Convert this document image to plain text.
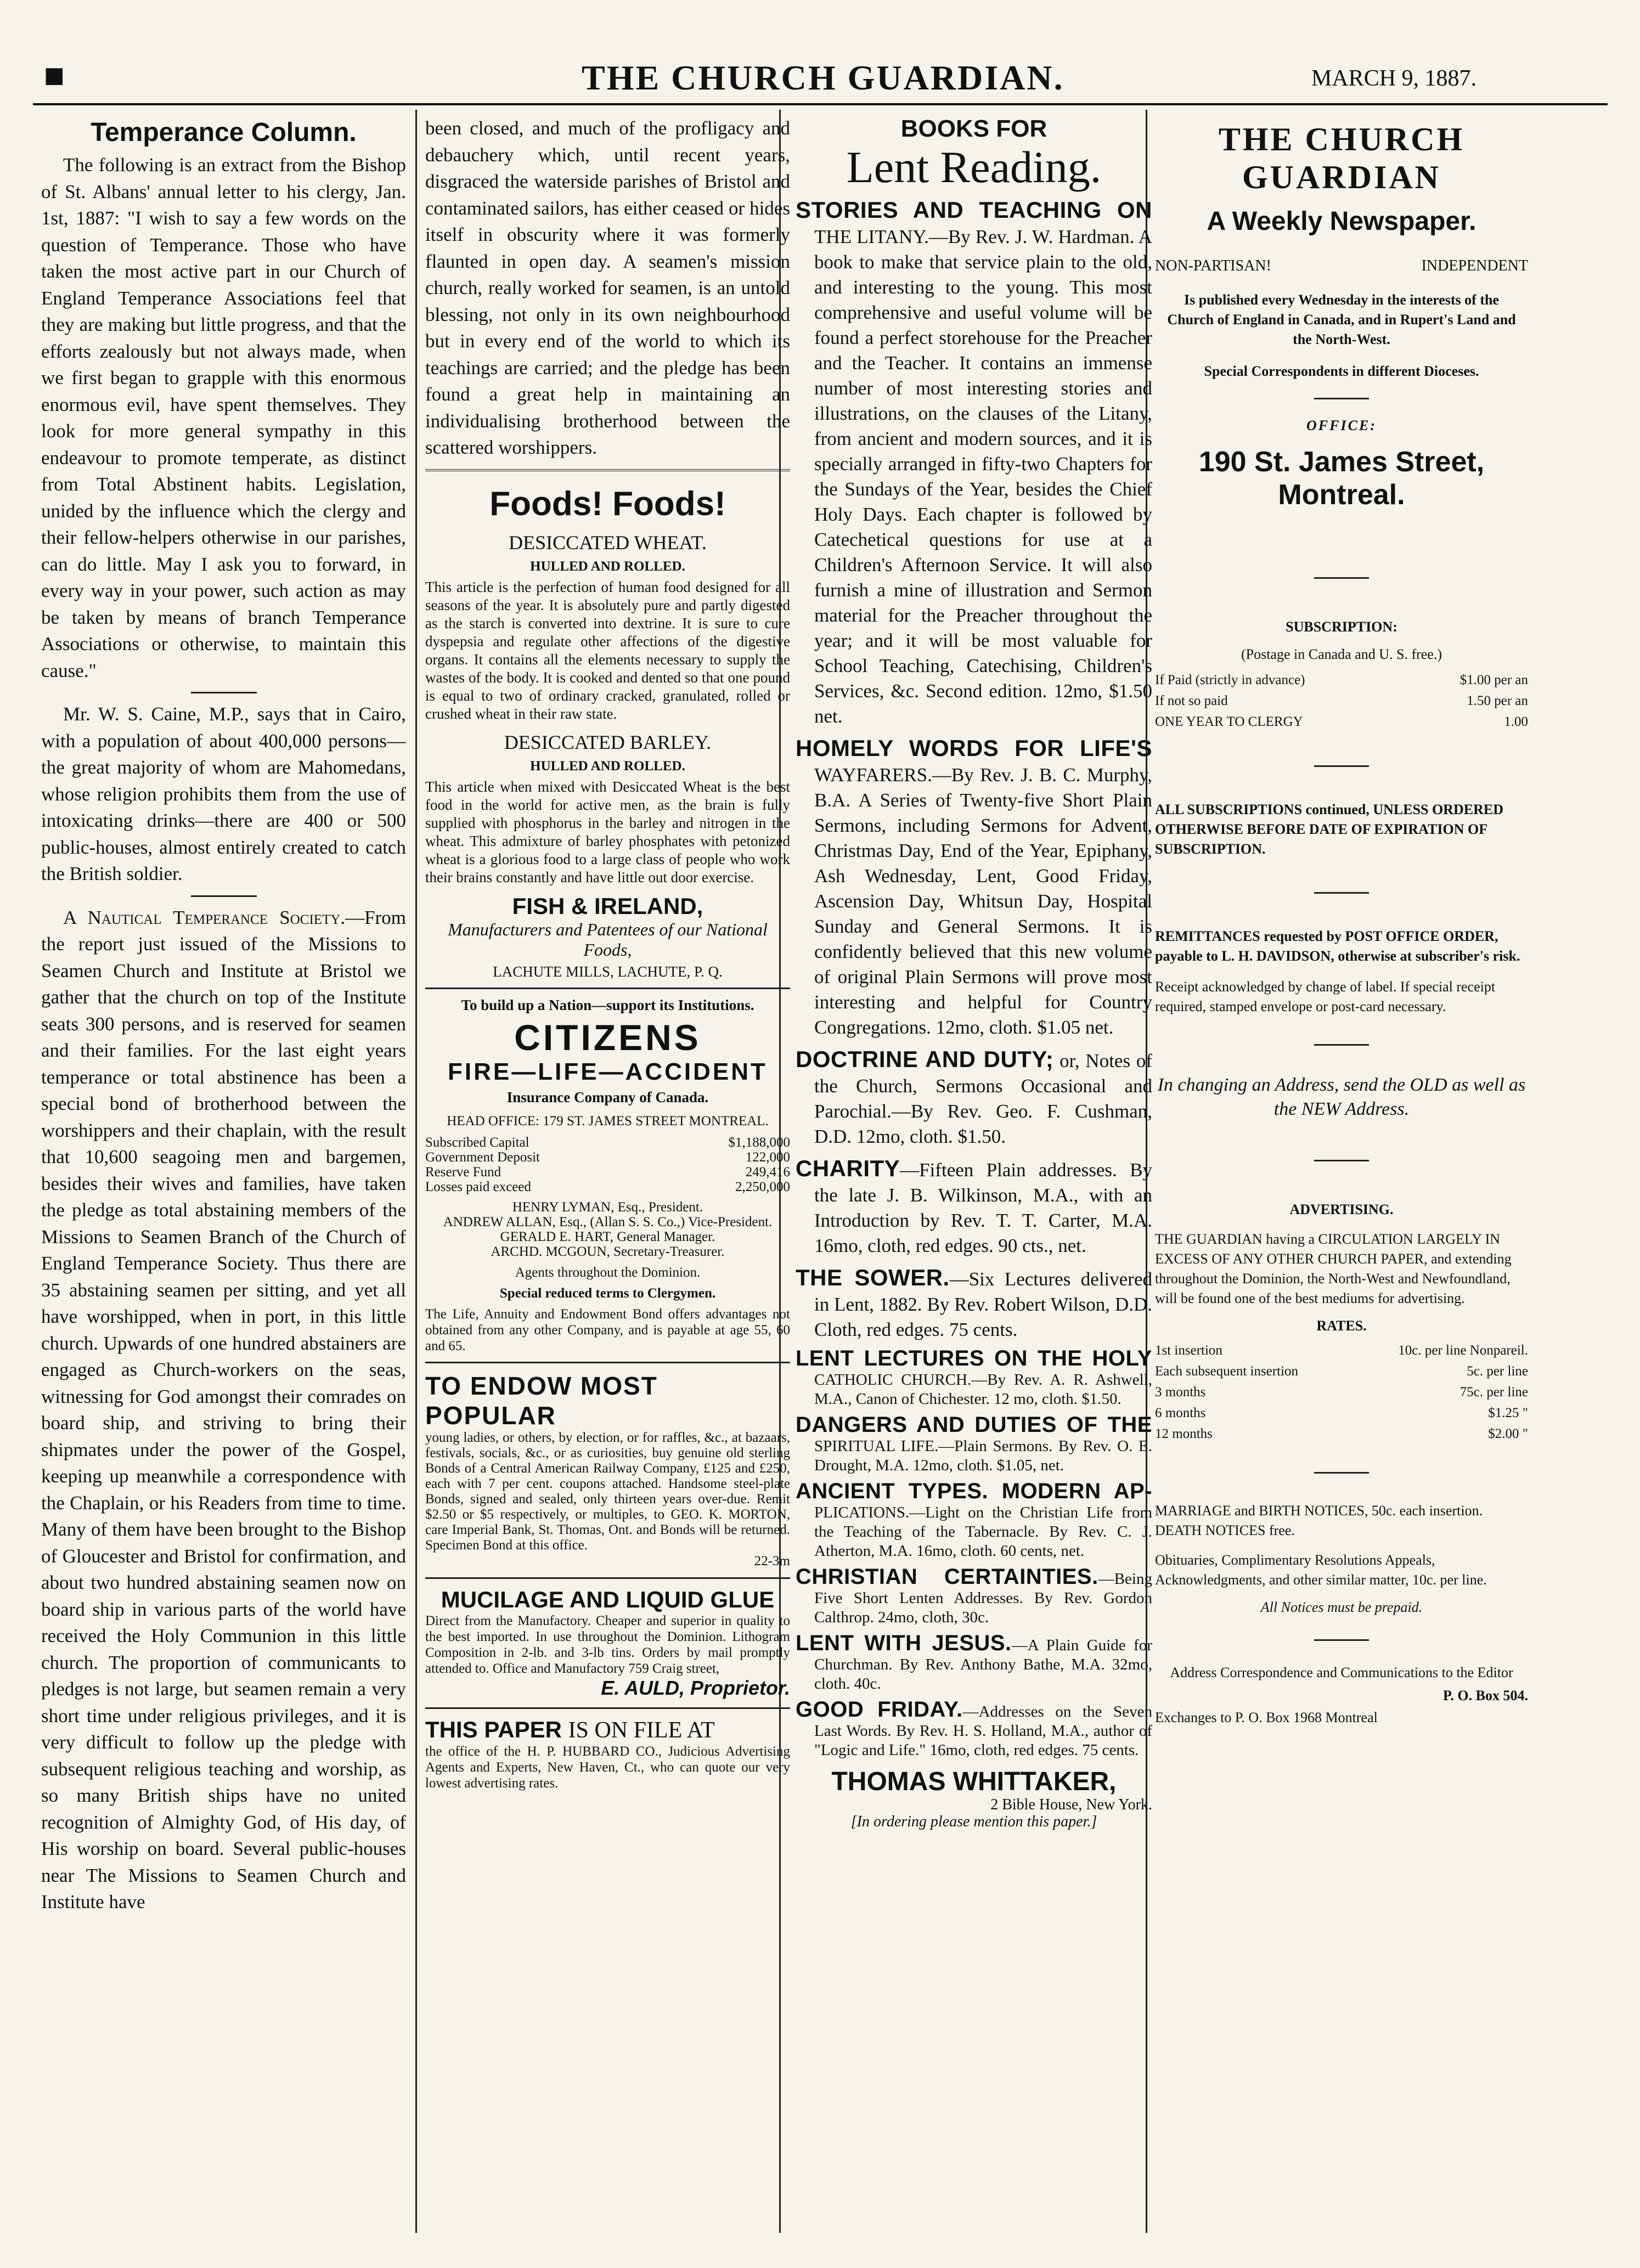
■	THE CHURCH GUARDIAN.	MARCH 9, 1887.
Temperance Column.

The following is an extract from the Bishop of St. Albans' annual letter to his clergy, Jan. 1st, 1887: "I wish to say a few words on the question of Temperance. Those who have taken the most active part in our Church of England Temperance Associations feel that they are making but little progress, and that the efforts zealously but not always made, when we first began to grapple with this enormous enormous evil, have spent themselves. They look for more general sympathy in this endeavour to promote temperate, as distinct from Total Abstinent habits. Legislation, unided by the influence which the clergy and their fellow-helpers otherwise in our parishes, can do little. May I ask you to forward, in every way in your power, such action as may be taken by means of branch Temperance Associations or otherwise, to maintain this cause."

Mr. W. S. Caine, M.P., says that in Cairo, with a population of about 400,000 persons—the great majority of whom are Mahomedans, whose religion prohibits them from the use of intoxicating drinks—there are 400 or 500 public-houses, almost entirely created to catch the British soldier.

A Nautical Temperance Society.—From the report just issued of the Missions to Seamen Church and Institute at Bristol we gather that the church on top of the Institute seats 300 persons, and is reserved for seamen and their families. For the last eight years temperance or total abstinence has been a special bond of brotherhood between the worshippers and their chaplain, with the result that 10,600 seagoing men and bargemen, besides their wives and families, have taken the pledge as total abstaining members of the Missions to Seamen Branch of the Church of England Temperance Society. Thus there are 35 abstaining seamen per sitting, and yet all have worshipped, when in port, in this little church. Upwards of one hundred abstainers are engaged as Church-workers on the seas, witnessing for God amongst their comrades on board ship, and striving to bring their shipmates under the power of the Gospel, keeping up meanwhile a correspondence with the Chaplain, or his Readers from time to time. Many of them have been brought to the Bishop of Gloucester and Bristol for confirmation, and about two hundred abstaining seamen now on board ship in various parts of the world have received the Holy Communion in this little church. The proportion of communicants to pledges is not large, but seamen remain a very short time under religious privileges, and it is very difficult to follow up the pledge with subsequent religious teaching and worship, as so many British ships have no united recognition of Almighty God, of His day, of His worship on board. Several public-houses near The Missions to Seamen Church and Institute have

been closed, and much of the profligacy and debauchery which, until recent years, disgraced the waterside parishes of Bristol and contaminated sailors, has either ceased or hides itself in obscurity where it was formerly flaunted in open day. A seamen's mission church, really worked for seamen, is an untold blessing, not only in its own neighbourhood but in every end of the world to which its teachings are carried; and the pledge has been found a great help in maintaining an individualising brotherhood between the scattered worshippers.

Foods! Foods!
DESICCATED WHEAT.
HULLED AND ROLLED.
This article is the perfection of human food designed for all seasons of the year. It is absolutely pure and partly digested as the starch is converted into dextrine. It is sure to cure dyspepsia and regulate other affections of the digestive organs. It contains all the elements necessary to supply the wastes of the body. It is cooked and dented so that one pound is equal to two of ordinary cracked, granulated, rolled or crushed wheat in their raw state.
DESICCATED BARLEY.
HULLED AND ROLLED.
This article when mixed with Desiccated Wheat is the best food in the world for active men, as the brain is fully supplied with phosphorus in the barley and nitrogen in the wheat. This admixture of barley phosphates with petonized wheat is a glorious food to a large class of people who work their brains constantly and have little out door exercise.
FISH & IRELAND,
Manufacturers and Patentees of our National Foods,
LACHUTE MILLS, LACHUTE, P. Q.
To build up a Nation—support its Institutions.
CITIZENS
FIRE—LIFE—ACCIDENT
Insurance Company of Canada.
HEAD OFFICE: 179 ST. JAMES STREET MONTREAL.
Subscribed Capital	$1,188,000
Government Deposit	122,000
Reserve Fund	249,416
Losses paid exceed	2,250,000
HENRY LYMAN, Esq., President.
ANDREW ALLAN, Esq., (Allan S. S. Co.,) Vice-President.
GERALD E. HART, General Manager.
ARCHD. MCGOUN, Secretary-Treasurer.
Agents throughout the Dominion.
Special reduced terms to Clergymen.
The Life, Annuity and Endowment Bond offers advantages not obtained from any other Company, and is payable at age 55, 60 and 65.
TO ENDOW MOST POPULAR
young ladies, or others, by election, or for raffles, &c., at bazaars, festivals, socials, &c., or as curiosities, buy genuine old sterling Bonds of a Central American Railway Company, £125 and £250, each with 7 per cent. coupons attached. Handsome steel-plate Bonds, signed and sealed, only thirteen years over-due. Remit $2.50 or $5 respectively, or multiples, to GEO. K. MORTON, care Imperial Bank, St. Thomas, Ont. and Bonds will be returned. Specimen Bond at this office.
22-3m
MUCILAGE AND LIQUID GLUE
Direct from the Manufactory. Cheaper and superior in quality to the best imported. In use throughout the Dominion. Lithogram Composition in 2-lb. and 3-lb tins. Orders by mail promptly attended to. Office and Manufactory 759 Craig street,
E. AULD, Proprietor.
THIS PAPER IS ON FILE AT
the office of the H. P. HUBBARD CO., Judicious Advertising Agents and Experts, New Haven, Ct., who can quote our very lowest advertising rates.
BOOKS FOR
Lent Reading.
STORIES AND TEACHING ON THE LITANY.—By Rev. J. W. Hardman. A book to make that service plain to the old, and interesting to the young. This most comprehensive and useful volume will be found a perfect storehouse for the Preacher and the Teacher. It contains an immense number of most interesting stories and illustrations, on the clauses of the Litany, from ancient and modern sources, and it is specially arranged in fifty-two Chapters for the Sundays of the Year, besides the Chief Holy Days. Each chapter is followed by Catechetical questions for use at a Children's Afternoon Service. It will also furnish a mine of illustration and Sermon material for the Preacher throughout the year; and it will be most valuable for School Teaching, Catechising, Children's Services, &c. Second edition. 12mo, $1.50 net.
HOMELY WORDS FOR LIFE'S WAYFARERS.—By Rev. J. B. C. Murphy, B.A. A Series of Twenty-five Short Plain Sermons, including Sermons for Advent, Christmas Day, End of the Year, Epiphany, Ash Wednesday, Lent, Good Friday, Ascension Day, Whitsun Day, Hospital Sunday and General Sermons. It is confidently believed that this new volume of original Plain Sermons will prove most interesting and helpful for Country Congregations. 12mo, cloth. $1.05 net.
DOCTRINE AND DUTY; or, Notes of the Church, Sermons Occasional and Parochial.—By Rev. Geo. F. Cushman, D.D. 12mo, cloth. $1.50.
CHARITY—Fifteen Plain addresses. By the late J. B. Wilkinson, M.A., with an Introduction by Rev. T. T. Carter, M.A. 16mo, cloth, red edges. 90 cts., net.
THE SOWER.—Six Lectures delivered in Lent, 1882. By Rev. Robert Wilson, D.D. Cloth, red edges. 75 cents.
LENT LECTURES ON THE HOLY CATHOLIC CHURCH.—By Rev. A. R. Ashwell, M.A., Canon of Chichester. 12 mo, cloth. $1.50.
DANGERS AND DUTIES OF THE SPIRITUAL LIFE.—Plain Sermons. By Rev. O. E. Drought, M.A. 12mo, cloth. $1.05, net.
ANCIENT TYPES. MODERN AP- PLICATIONS.—Light on the Christian Life from the Teaching of the Tabernacle. By Rev. C. J. Atherton, M.A. 16mo, cloth. 60 cents, net.
CHRISTIAN CERTAINTIES.—Being Five Short Lenten Addresses. By Rev. Gordon Calthrop. 24mo, cloth, 30c.
LENT WITH JESUS.—A Plain Guide for Churchman. By Rev. Anthony Bathe, M.A. 32mo, cloth. 40c.
GOOD FRIDAY.—Addresses on the Seven Last Words. By Rev. H. S. Holland, M.A., author of "Logic and Life." 16mo, cloth, red edges. 75 cents.
THOMAS WHITTAKER,
2 Bible House, New York.
[In ordering please mention this paper.]
THE CHURCH GUARDIAN
A Weekly Newspaper.
NON-PARTISAN!	INDEPENDENT
Is published every Wednesday in the interests of the Church of England in Canada, and in Rupert's Land and the North-West.
Special Correspondents in different Dioceses.
OFFICE:
190 St. James Street, Montreal.
SUBSCRIPTION:
(Postage in Canada and U. S. free.)
If Paid (strictly in advance)	$1.00 per an
If not so paid	1.50 per an
ONE YEAR TO CLERGY	1.00
ALL SUBSCRIPTIONS continued, UNLESS ORDERED OTHERWISE BEFORE DATE OF EXPIRATION OF SUBSCRIPTION.
REMITTANCES requested by POST OFFICE ORDER, payable to L. H. DAVIDSON, otherwise at subscriber's risk.
Receipt acknowledged by change of label. If special receipt required, stamped envelope or post-card necessary.
In changing an Address, send the OLD as well as the NEW Address.
ADVERTISING.
THE GUARDIAN having a CIRCULATION LARGELY IN EXCESS OF ANY OTHER CHURCH PAPER, and extending throughout the Dominion, the North-West and Newfoundland, will be found one of the best mediums for advertising.
RATES.
1st insertion	10c. per line Nonpareil.
Each subsequent insertion	5c. per line
3 months	75c. per line
6 months	$1.25 "
12 months	$2.00 "
MARRIAGE and BIRTH NOTICES, 50c. each insertion. DEATH NOTICES free.
Obituaries, Complimentary Resolutions Appeals, Acknowledgments, and other similar matter, 10c. per line.
All Notices must be prepaid.
Address Correspondence and Communications to the Editor
P. O. Box 504.
Exchanges to P. O. Box 1968 Montreal
